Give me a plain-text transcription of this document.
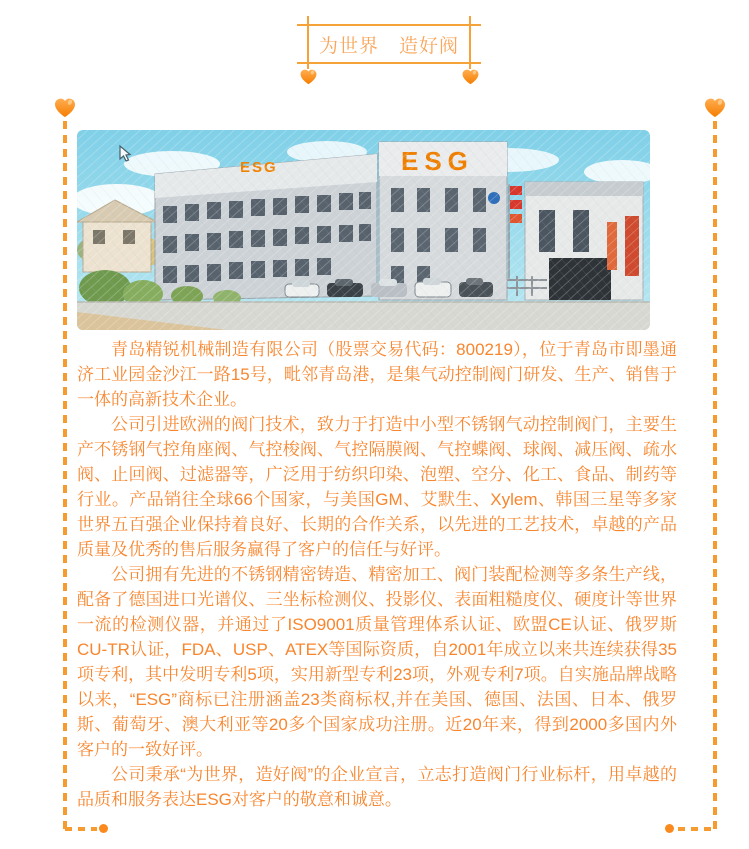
为世界　造好阀

青岛精锐机械制造有限公司（股票交易代码：800219），位于青岛市即墨通济工业园金沙江一路15号，毗邻青岛港，是集气动控制阀门研发、生产、销售于一体的高新技术企业。

公司引进欧洲的阀门技术，致力于打造中小型不锈钢气动控制阀门，主要生产不锈钢气控角座阀、气控梭阀、气控隔膜阀、气控蝶阀、球阀、减压阀、疏水阀、止回阀、过滤器等，广泛用于纺织印染、泡塑、空分、化工、食品、制药等行业。产品销往全球66个国家，与美国GM、艾默生、Xylem、韩国三星等多家世界五百强企业保持着良好、长期的合作关系，以先进的工艺技术，卓越的产品质量及优秀的售后服务赢得了客户的信任与好评。

公司拥有先进的不锈钢精密铸造、精密加工、阀门装配检测等多条生产线，配备了德国进口光谱仪、三坐标检测仪、投影仪、表面粗糙度仪、硬度计等世界一流的检测仪器，并通过了ISO9001质量管理体系认证、欧盟CE认证、俄罗斯CU-TR认证，FDA、USP、ATEX等国际资质，自2001年成立以来共连续获得35项专利，其中发明专利5项，实用新型专利23项，外观专利7项。自实施品牌战略以来，“ESG”商标已注册涵盖23类商标权,并在美国、德国、法国、日本、俄罗斯、葡萄牙、澳大利亚等20多个国家成功注册。近20年来，得到2000多国内外客户的一致好评。

公司秉承“为世界，造好阀”的企业宣言，立志打造阀门行业标杆，用卓越的品质和服务表达ESG对客户的敬意和诚意。
